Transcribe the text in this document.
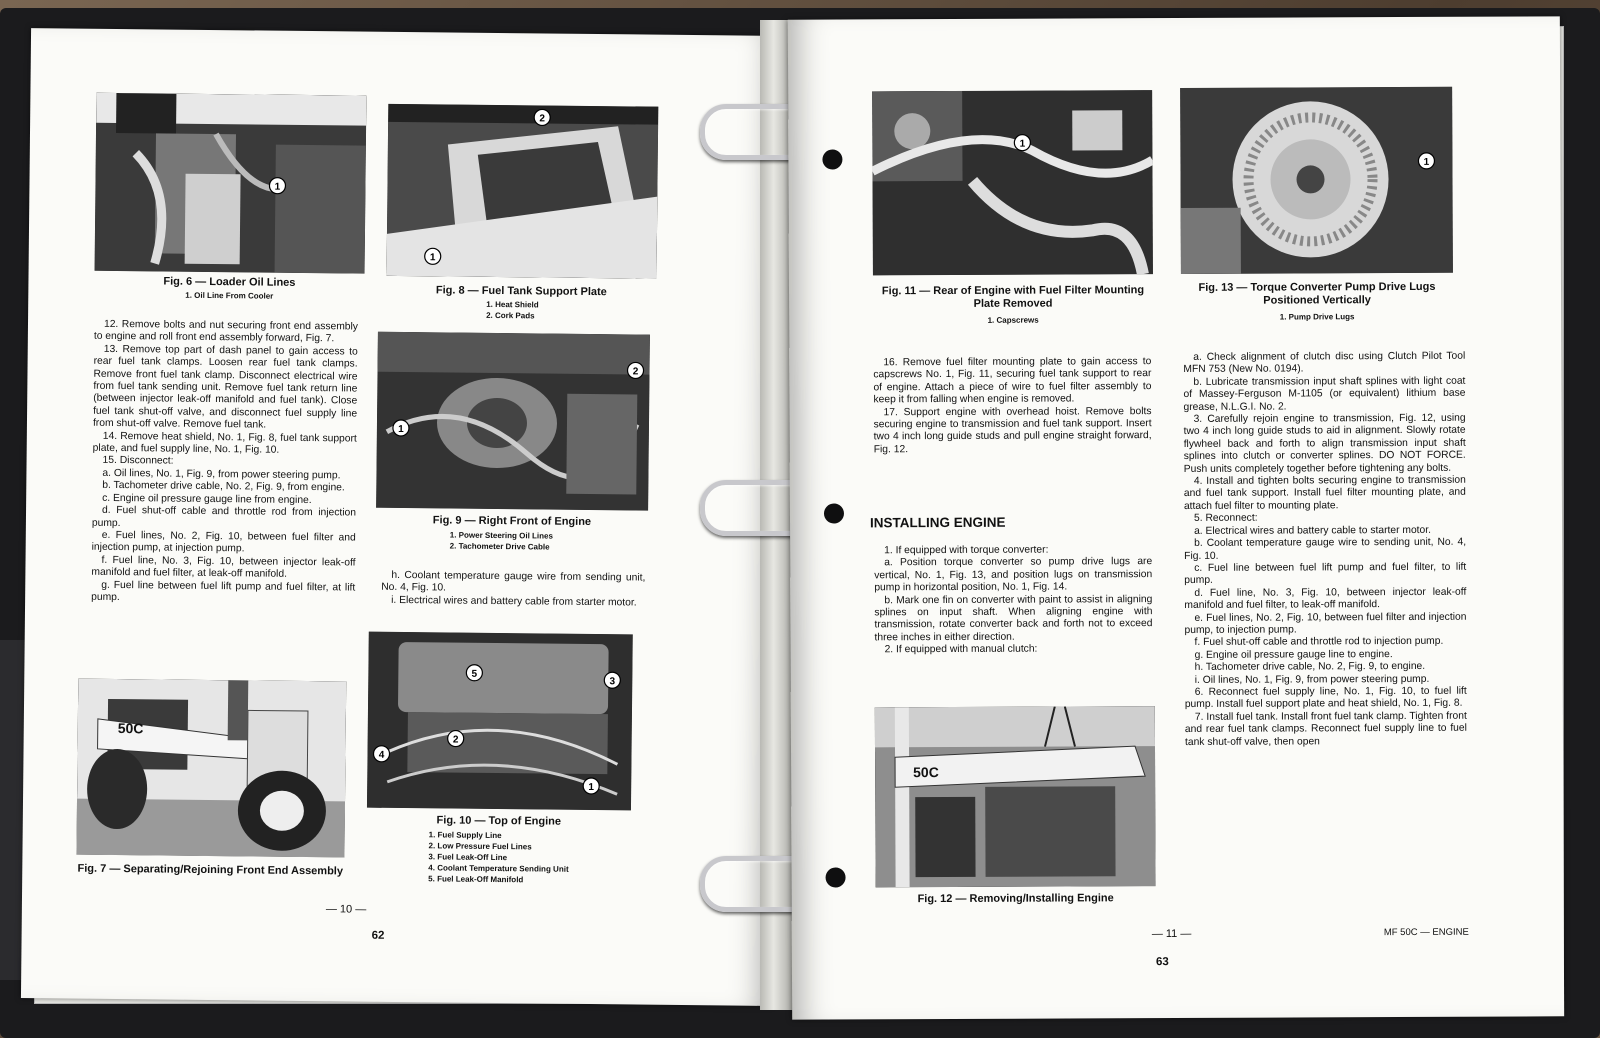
1
Fig. 6 — Loader Oil Lines
1. Oil Line From Cooler
2
1
Fig. 8 — Fuel Tank Support Plate
1. Heat Shield
2. Cork Pads
1
2
Fig. 9 — Right Front of Engine
1. Power Steering Oil Lines
2. Tachometer Drive Cable

12. Remove bolts and nut securing front end assembly to engine and roll front end assembly forward, Fig. 7.

13. Remove top part of dash panel to gain access to rear fuel tank clamps. Loosen rear fuel tank clamps. Remove front fuel tank clamp. Disconnect electrical wire from fuel tank sending unit. Remove fuel tank return line (between injector leak-off manifold and fuel tank). Close fuel tank shut-off valve, and disconnect fuel supply line from shut-off valve. Remove fuel tank.

14. Remove heat shield, No. 1, Fig. 8, fuel tank support plate, and fuel supply line, No. 1, Fig. 10.

15. Disconnect:

a. Oil lines, No. 1, Fig. 9, from power steering pump.

b. Tachometer drive cable, No. 2, Fig. 9, from engine.

c. Engine oil pressure gauge line from engine.

d. Fuel shut-off cable and throttle rod from injection pump.

e. Fuel lines, No. 2, Fig. 10, between fuel filter and injection pump, at injection pump.

f. Fuel line, No. 3, Fig. 10, between injector leak-off manifold and fuel filter, at leak-off manifold.

g. Fuel line between fuel lift pump and fuel filter, at lift pump.

h. Coolant temperature gauge wire from sending unit, No. 4, Fig. 10.

i. Electrical wires and battery cable from starter motor.

50C
Fig. 7 — Separating/Rejoining Front End Assembly
5
3
2
4
1
Fig. 10 — Top of Engine
1. Fuel Supply Line
2. Low Pressure Fuel Lines
3. Fuel Leak-Off Line
4. Coolant Temperature Sending Unit
5. Fuel Leak-Off Manifold
— 10 —
62
1
Fig. 11 — Rear of Engine with Fuel Filter Mounting Plate Removed
1. Capscrews
1
Fig. 13 — Torque Converter Pump Drive Lugs Positioned Vertically
1. Pump Drive Lugs

16. Remove fuel filter mounting plate to gain access to capscrews No. 1, Fig. 11, securing fuel tank support to rear of engine. Attach a piece of wire to fuel filter assembly to keep it from falling when engine is removed.

17. Support engine with overhead hoist. Remove bolts securing engine to transmission and fuel tank support. Insert two 4 inch long guide studs and pull engine straight forward, Fig. 12.

INSTALLING ENGINE

1. If equipped with torque converter:

a. Position torque converter so pump drive lugs are vertical, No. 1, Fig. 13, and position lugs on transmission pump in horizontal position, No. 1, Fig. 14.

b. Mark one fin on converter with paint to assist in aligning splines on input shaft. When aligning engine with transmission, rotate converter back and forth not to exceed three inches in either direction.

2. If equipped with manual clutch:

50C
Fig. 12 — Removing/Installing Engine

a. Check alignment of clutch disc using Clutch Pilot Tool MFN 753 (New No. 0194).

b. Lubricate transmission input shaft splines with light coat of Massey-Ferguson M-1105 (or equivalent) lithium base grease, N.L.G.I. No. 2.

3. Carefully rejoin engine to transmission, Fig. 12, using two 4 inch long guide studs to aid in alignment. Slowly rotate flywheel back and forth to align transmission input shaft splines into clutch or converter splines. DO NOT FORCE. Push units completely together before tightening any bolts.

4. Install and tighten bolts securing engine to transmission and fuel tank support. Install fuel filter mounting plate, and attach fuel filter to mounting plate.

5. Reconnect:

a. Electrical wires and battery cable to starter motor.

b. Coolant temperature gauge wire to sending unit, No. 4, Fig. 10.

c. Fuel line between fuel lift pump and fuel filter, to lift pump.

d. Fuel line, No. 3, Fig. 10, between injector leak-off manifold and fuel filter, to leak-off manifold.

e. Fuel lines, No. 2, Fig. 10, between fuel filter and injection pump, to injection pump.

f. Fuel shut-off cable and throttle rod to injection pump.

g. Engine oil pressure gauge line to engine.

h. Tachometer drive cable, No. 2, Fig. 9, to engine.

i. Oil lines, No. 1, Fig. 9, from power steering pump.

6. Reconnect fuel supply line, No. 1, Fig. 10, to fuel lift pump. Install fuel support plate and heat shield, No. 1, Fig. 8.

7. Install fuel tank. Install front fuel tank clamp. Tighten front and rear fuel tank clamps. Reconnect fuel supply line to fuel tank shut-off valve, then open

— 11 —	MF 50C — ENGINE
63
